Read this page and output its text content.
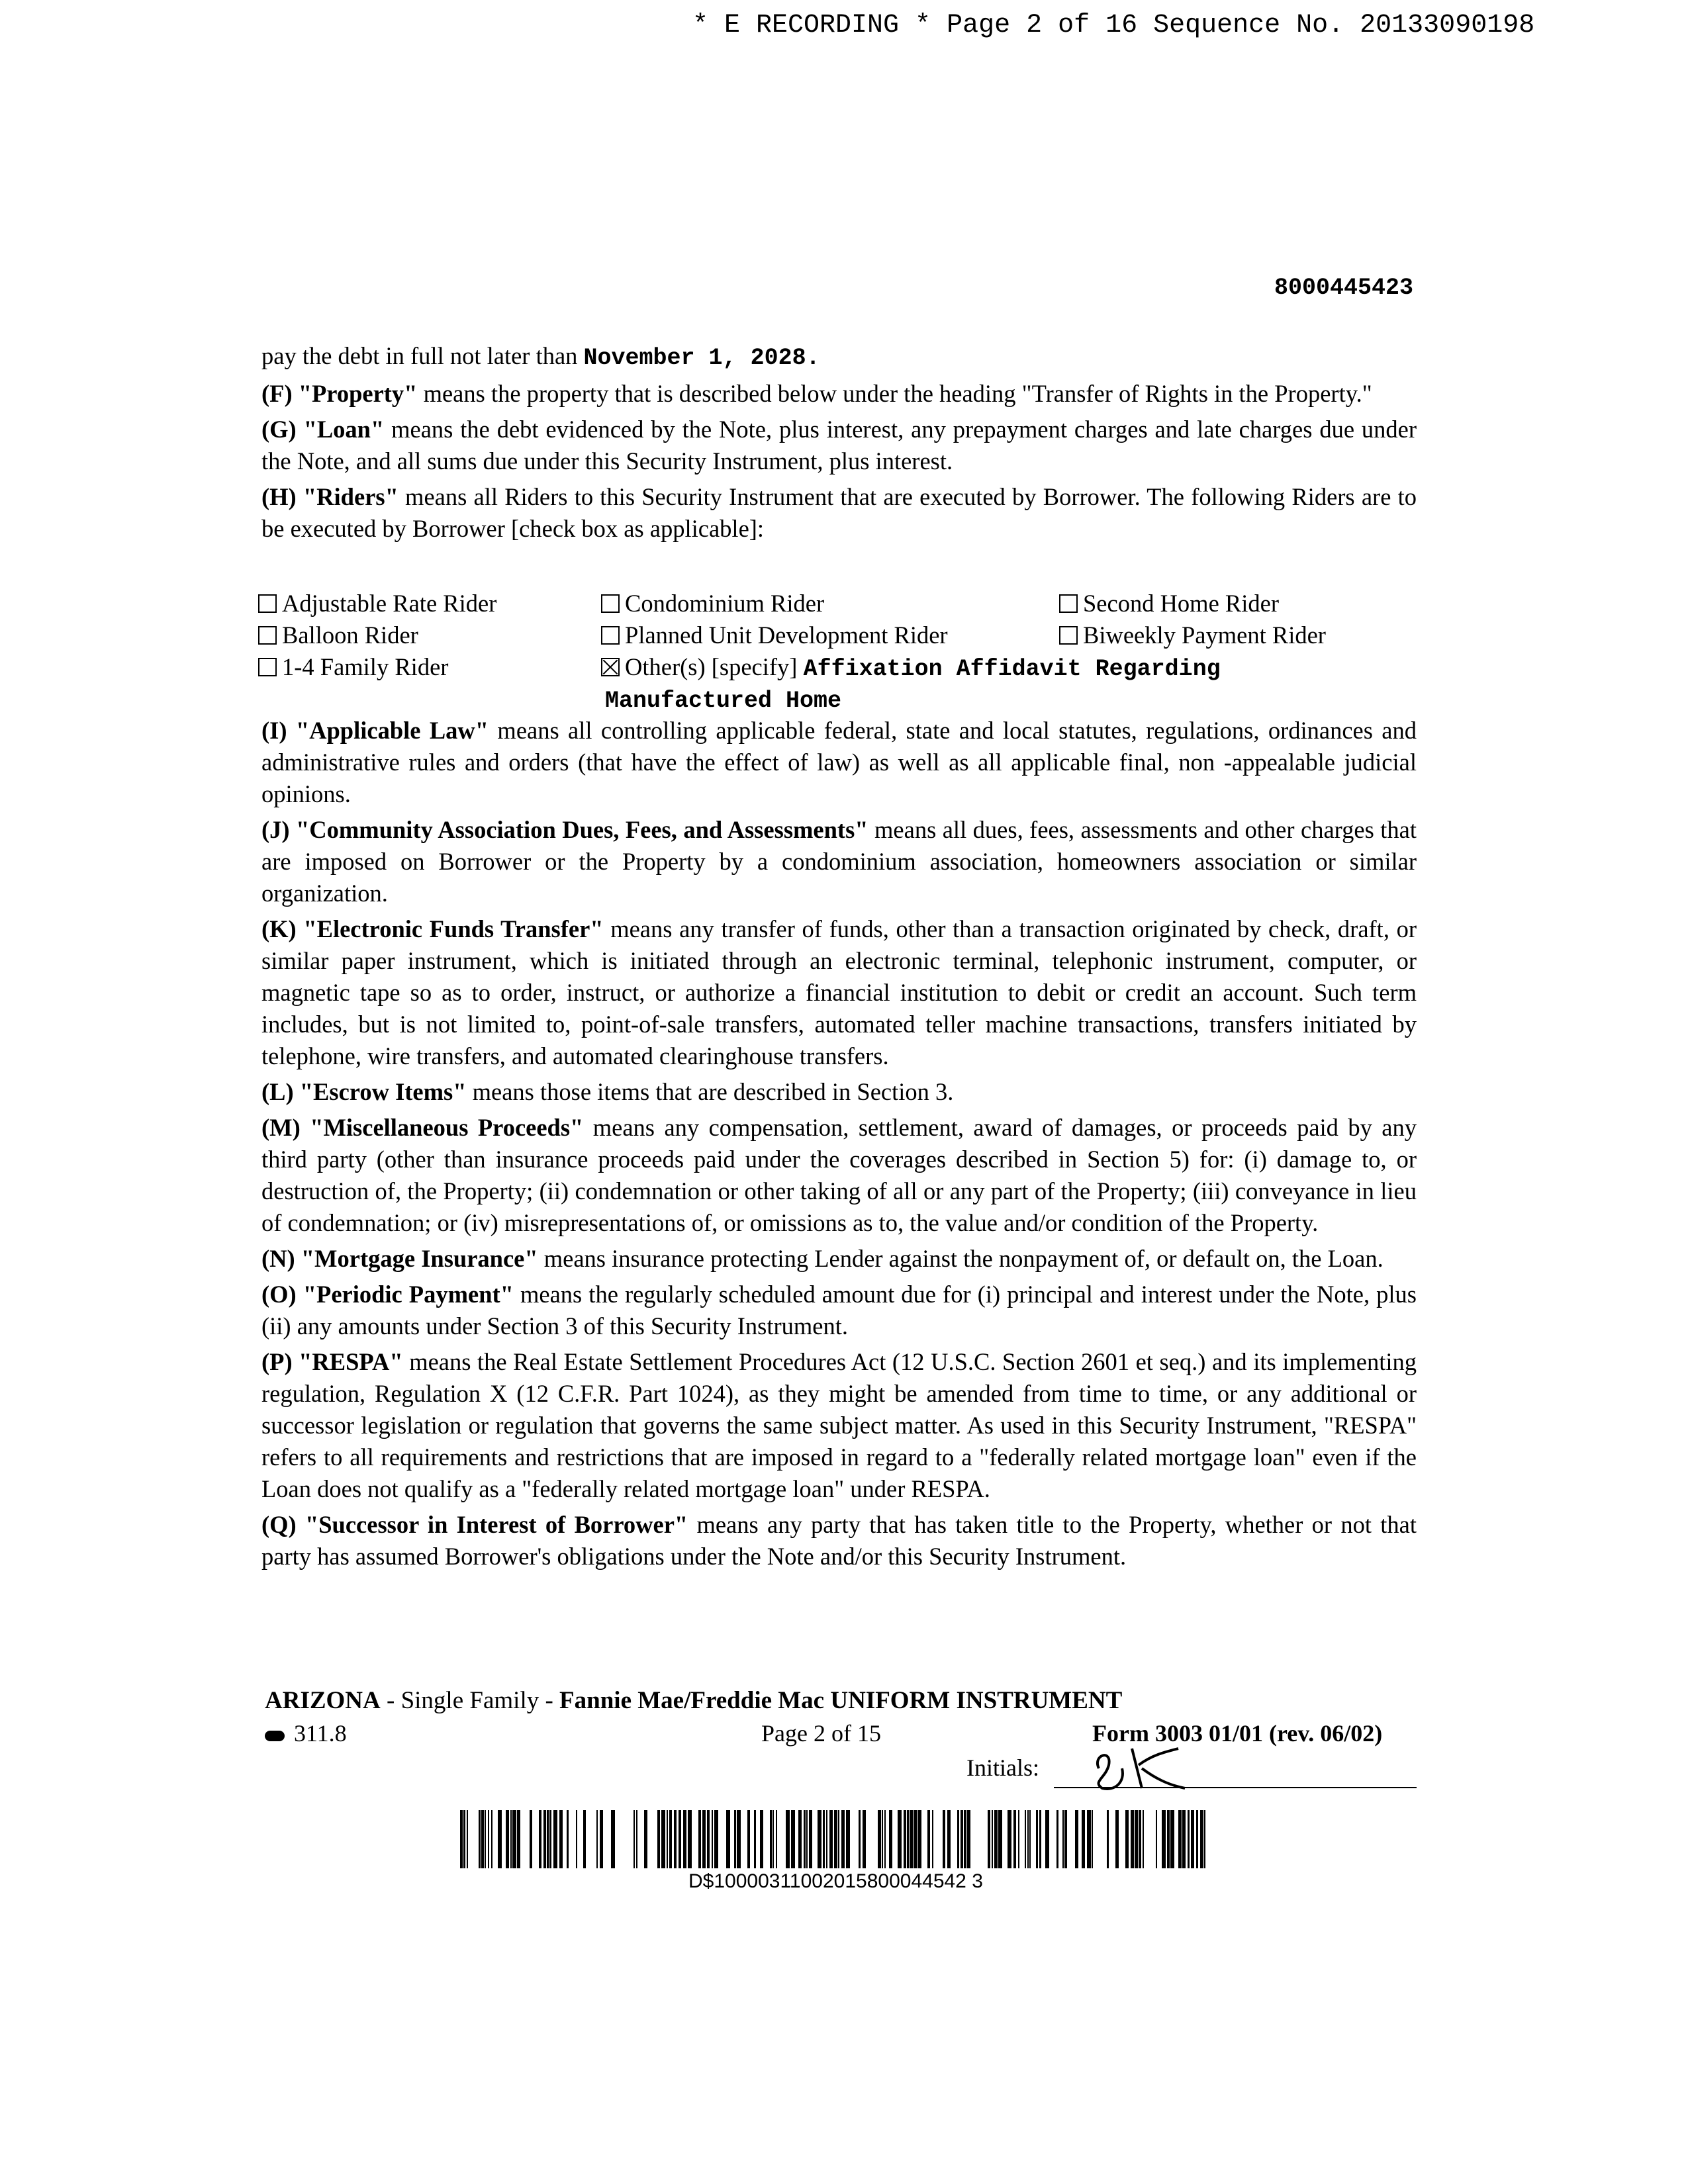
* E RECORDING * Page 2 of 16 Sequence No. 20133090198
8000445423

pay the debt in full not later than November 1, 2028.

(F) "Property" means the property that is described below under the heading "Transfer of Rights in the Property."

(G) "Loan" means the debt evidenced by the Note, plus interest, any prepayment charges and late charges due under the Note, and all sums due under this Security Instrument, plus interest.

(H) "Riders" means all Riders to this Security Instrument that are executed by Borrower. The following Riders are to be executed by Borrower [check box as applicable]:

Adjustable Rate Rider	Condominium Rider	Second Home Rider
Balloon Rider	Planned Unit Development Rider	Biweekly Payment Rider
1-4 Family Rider	Other(s) [specify] Affixation Affidavit Regarding
Manufactured Home

(I) "Applicable Law" means all controlling applicable federal, state and local statutes, regulations, ordinances and administrative rules and orders (that have the effect of law) as well as all applicable final, non -appealable judicial opinions.

(J) "Community Association Dues, Fees, and Assessments" means all dues, fees, assessments and other charges that are imposed on Borrower or the Property by a condominium association, homeowners association or similar organization.

(K) "Electronic Funds Transfer" means any transfer of funds, other than a transaction originated by check, draft, or similar paper instrument, which is initiated through an electronic terminal, telephonic instrument, computer, or magnetic tape so as to order, instruct, or authorize a financial institution to debit or credit an account. Such term includes, but is not limited to, point-of-sale transfers, automated teller machine transactions, transfers initiated by telephone, wire transfers, and automated clearinghouse transfers.

(L) "Escrow Items" means those items that are described in Section 3.

(M) "Miscellaneous Proceeds" means any compensation, settlement, award of damages, or proceeds paid by any third party (other than insurance proceeds paid under the coverages described in Section 5) for: (i) damage to, or destruction of, the Property; (ii) condemnation or other taking of all or any part of the Property; (iii) conveyance in lieu of condemnation; or (iv) misrepresentations of, or omissions as to, the value and/or condition of the Property.

(N) "Mortgage Insurance" means insurance protecting Lender against the nonpayment of, or default on, the Loan.

(O) "Periodic Payment" means the regularly scheduled amount due for (i) principal and interest under the Note, plus (ii) any amounts under Section 3 of this Security Instrument.

(P) "RESPA" means the Real Estate Settlement Procedures Act (12 U.S.C. Section 2601 et seq.) and its implementing regulation, Regulation X (12 C.F.R. Part 1024), as they might be amended from time to time, or any additional or successor legislation or regulation that governs the same subject matter. As used in this Security Instrument, "RESPA" refers to all requirements and restrictions that are imposed in regard to a "federally related mortgage loan" even if the Loan does not qualify as a "federally related mortgage loan" under RESPA.

(Q) "Successor in Interest of Borrower" means any party that has taken title to the Property, whether or not that party has assumed Borrower's obligations under the Note and/or this Security Instrument.

ARIZONA - Single Family - Fannie Mae/Freddie Mac UNIFORM INSTRUMENT
311.8	Page 2 of 15	Form 3003 01/01 (rev. 06/02)
Initials:
D$10000311002015800044542 3
